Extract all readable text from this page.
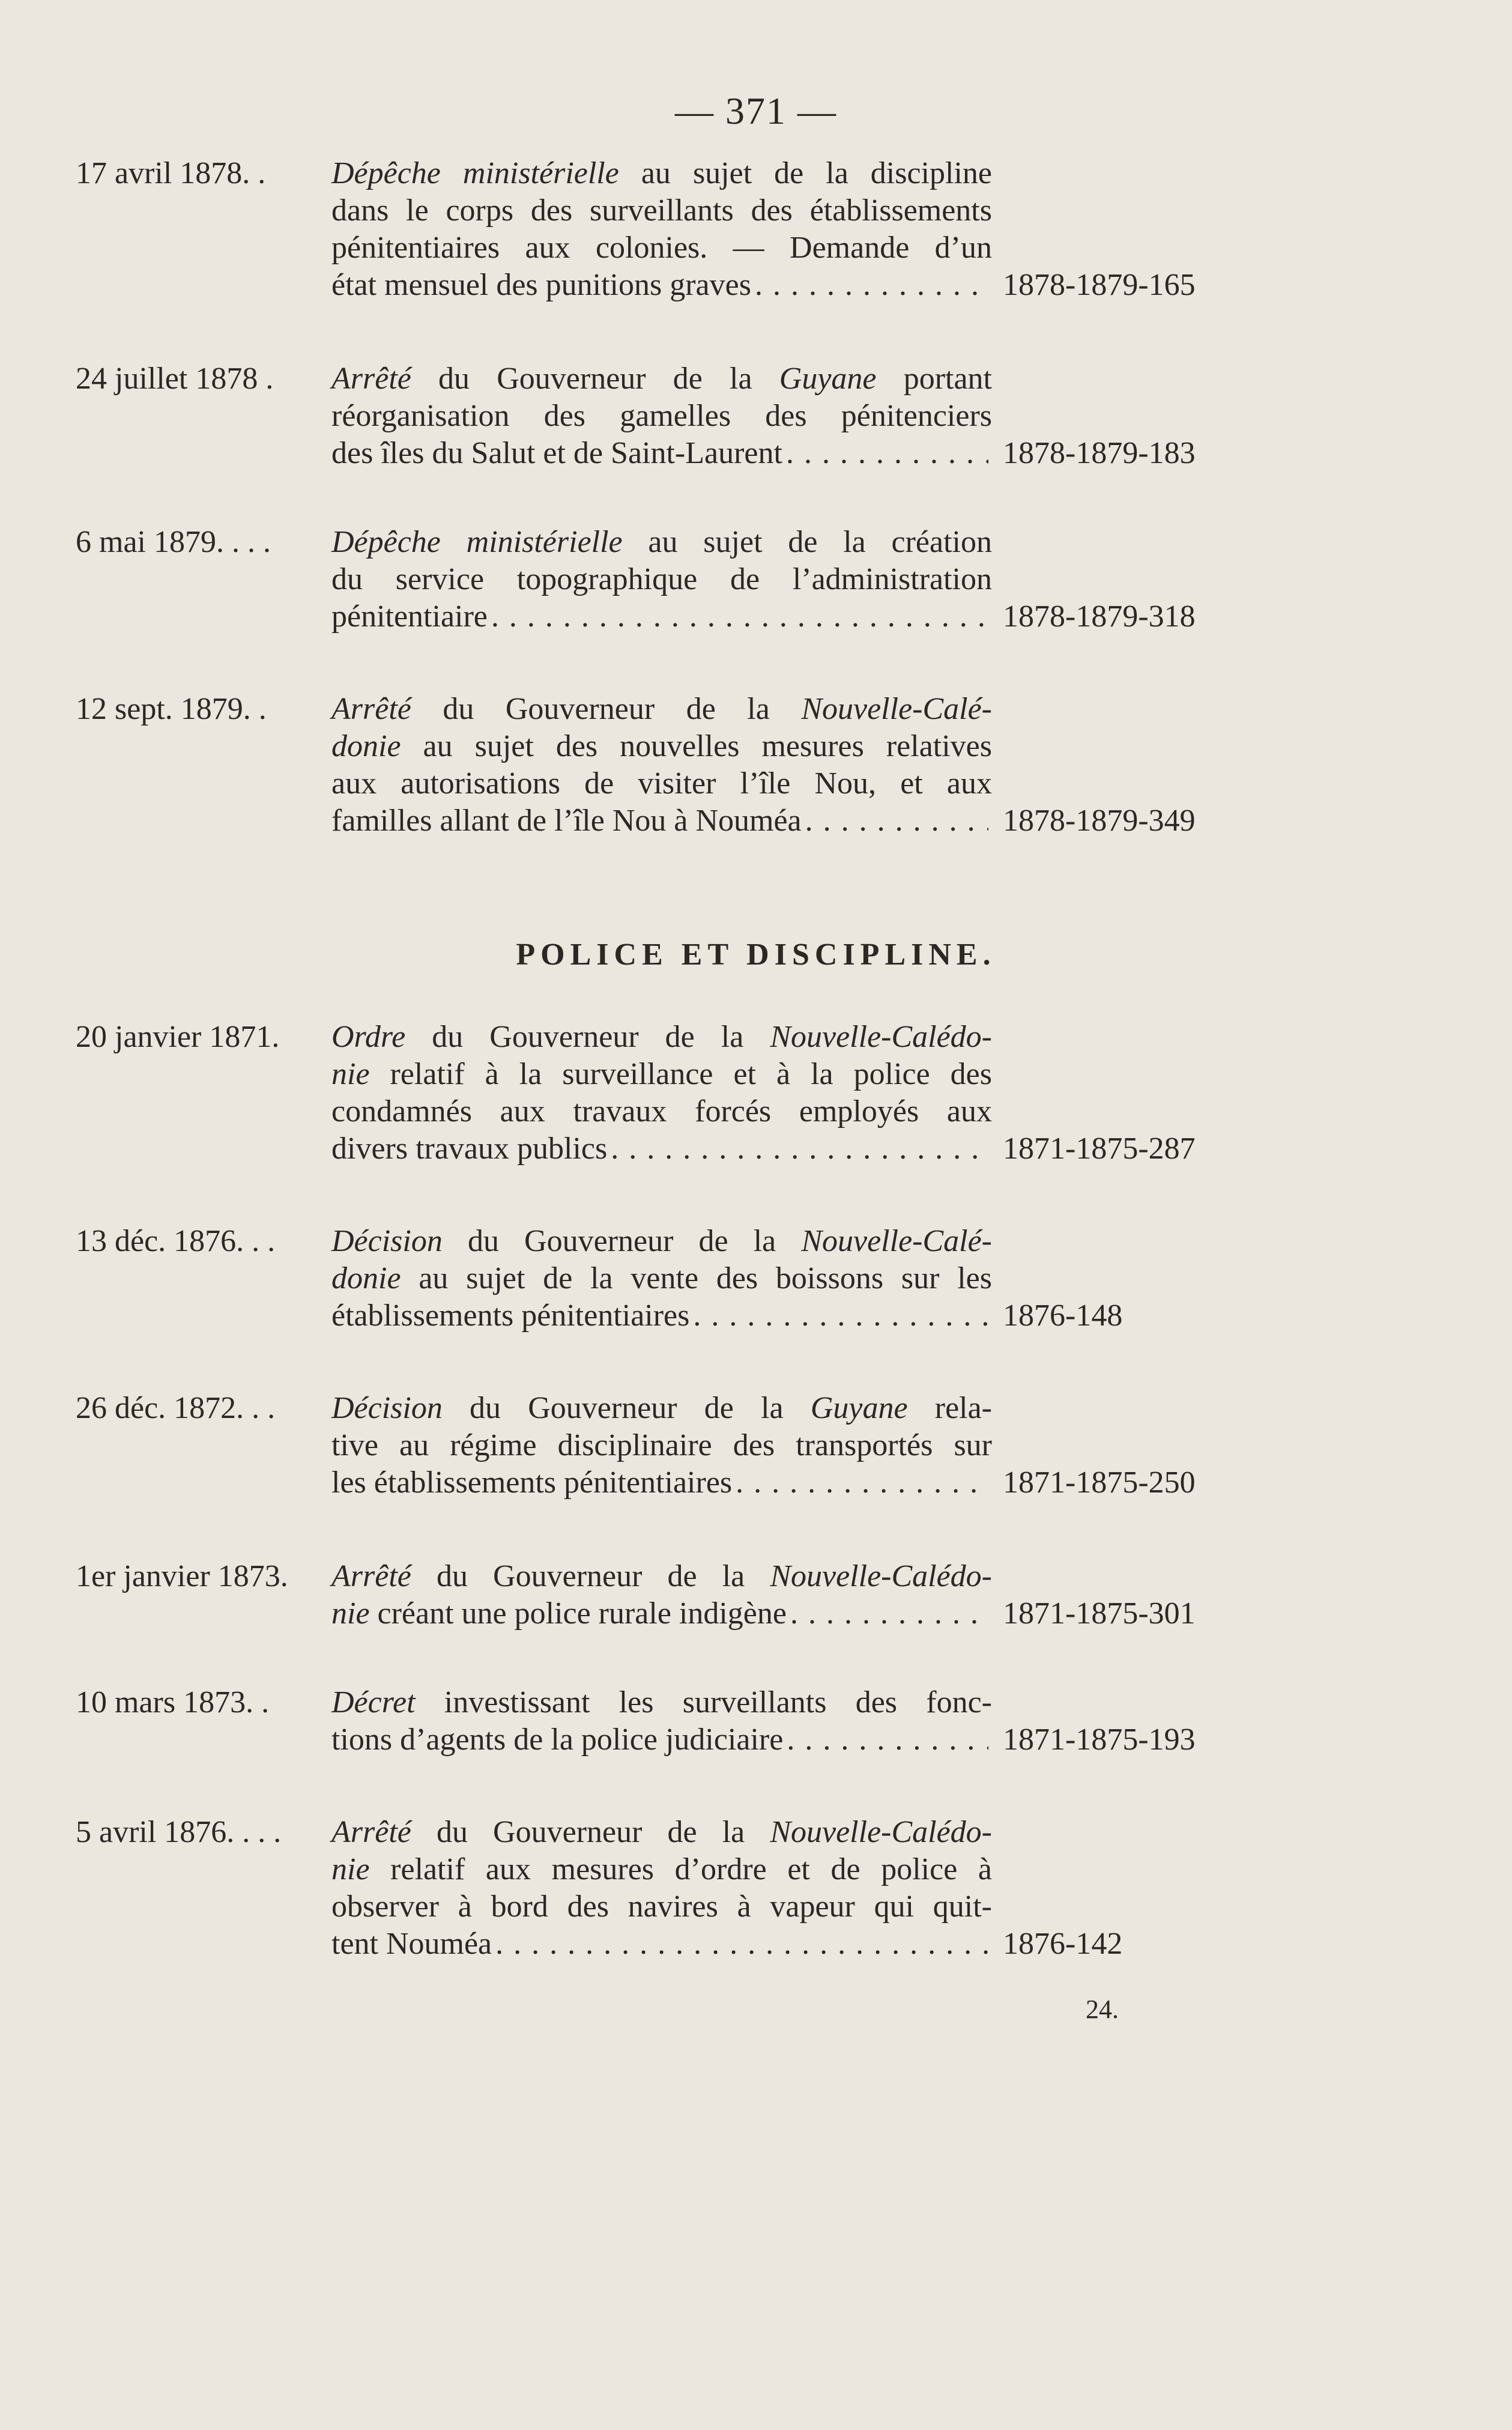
— 371 —
17 avril 1878. .	Dépêche ministérielle au sujet de la discipline
dans le corps des surveillants des établissements
pénitentiaires aux colonies. — Demande d’un
état mensuel des punitions graves . . .	1878-1879-165
24 juillet 1878 .	Arrêté du Gouverneur de la Guyane portant
réorganisation des gamelles des pénitenciers
des îles du Salut et de Saint-Laurent . . .	1878-1879-183
6 mai 1879. . . .	Dépêche ministérielle au sujet de la création
du service topographique de l’administration
pénitentiaire . . .	1878-1879-318
12 sept. 1879. .	Arrêté du Gouverneur de la Nouvelle-Calé-
donie au sujet des nouvelles mesures relatives
aux autorisations de visiter l’île Nou, et aux
familles allant de l’île Nou à Nouméa . . .	1878-1879-349
POLICE ET DISCIPLINE.
20 janvier 1871.	Ordre du Gouverneur de la Nouvelle-Calédo-
nie relatif à la surveillance et à la police des
condamnés aux travaux forcés employés aux
divers travaux publics . . .	1871-1875-287
13 déc. 1876. . .	Décision du Gouverneur de la Nouvelle-Calé-
donie au sujet de la vente des boissons sur les
établissements pénitentiaires . . .	1876-148
26 déc. 1872. . .	Décision du Gouverneur de la Guyane rela-
tive au régime disciplinaire des transportés sur
les établissements pénitentiaires . . .	1871-1875-250
1er janvier 1873.	Arrêté du Gouverneur de la Nouvelle-Calédo-
nie créant une police rurale indigène . . .	1871-1875-301
10 mars 1873. .	Décret investissant les surveillants des fonc-
tions d’agents de la police judiciaire . . .	1871-1875-193
5 avril 1876. . . .	Arrêté du Gouverneur de la Nouvelle-Calédo-
nie relatif aux mesures d’ordre et de police à
observer à bord des navires à vapeur qui quit-
tent Nouméa . . .	1876-142
24.
